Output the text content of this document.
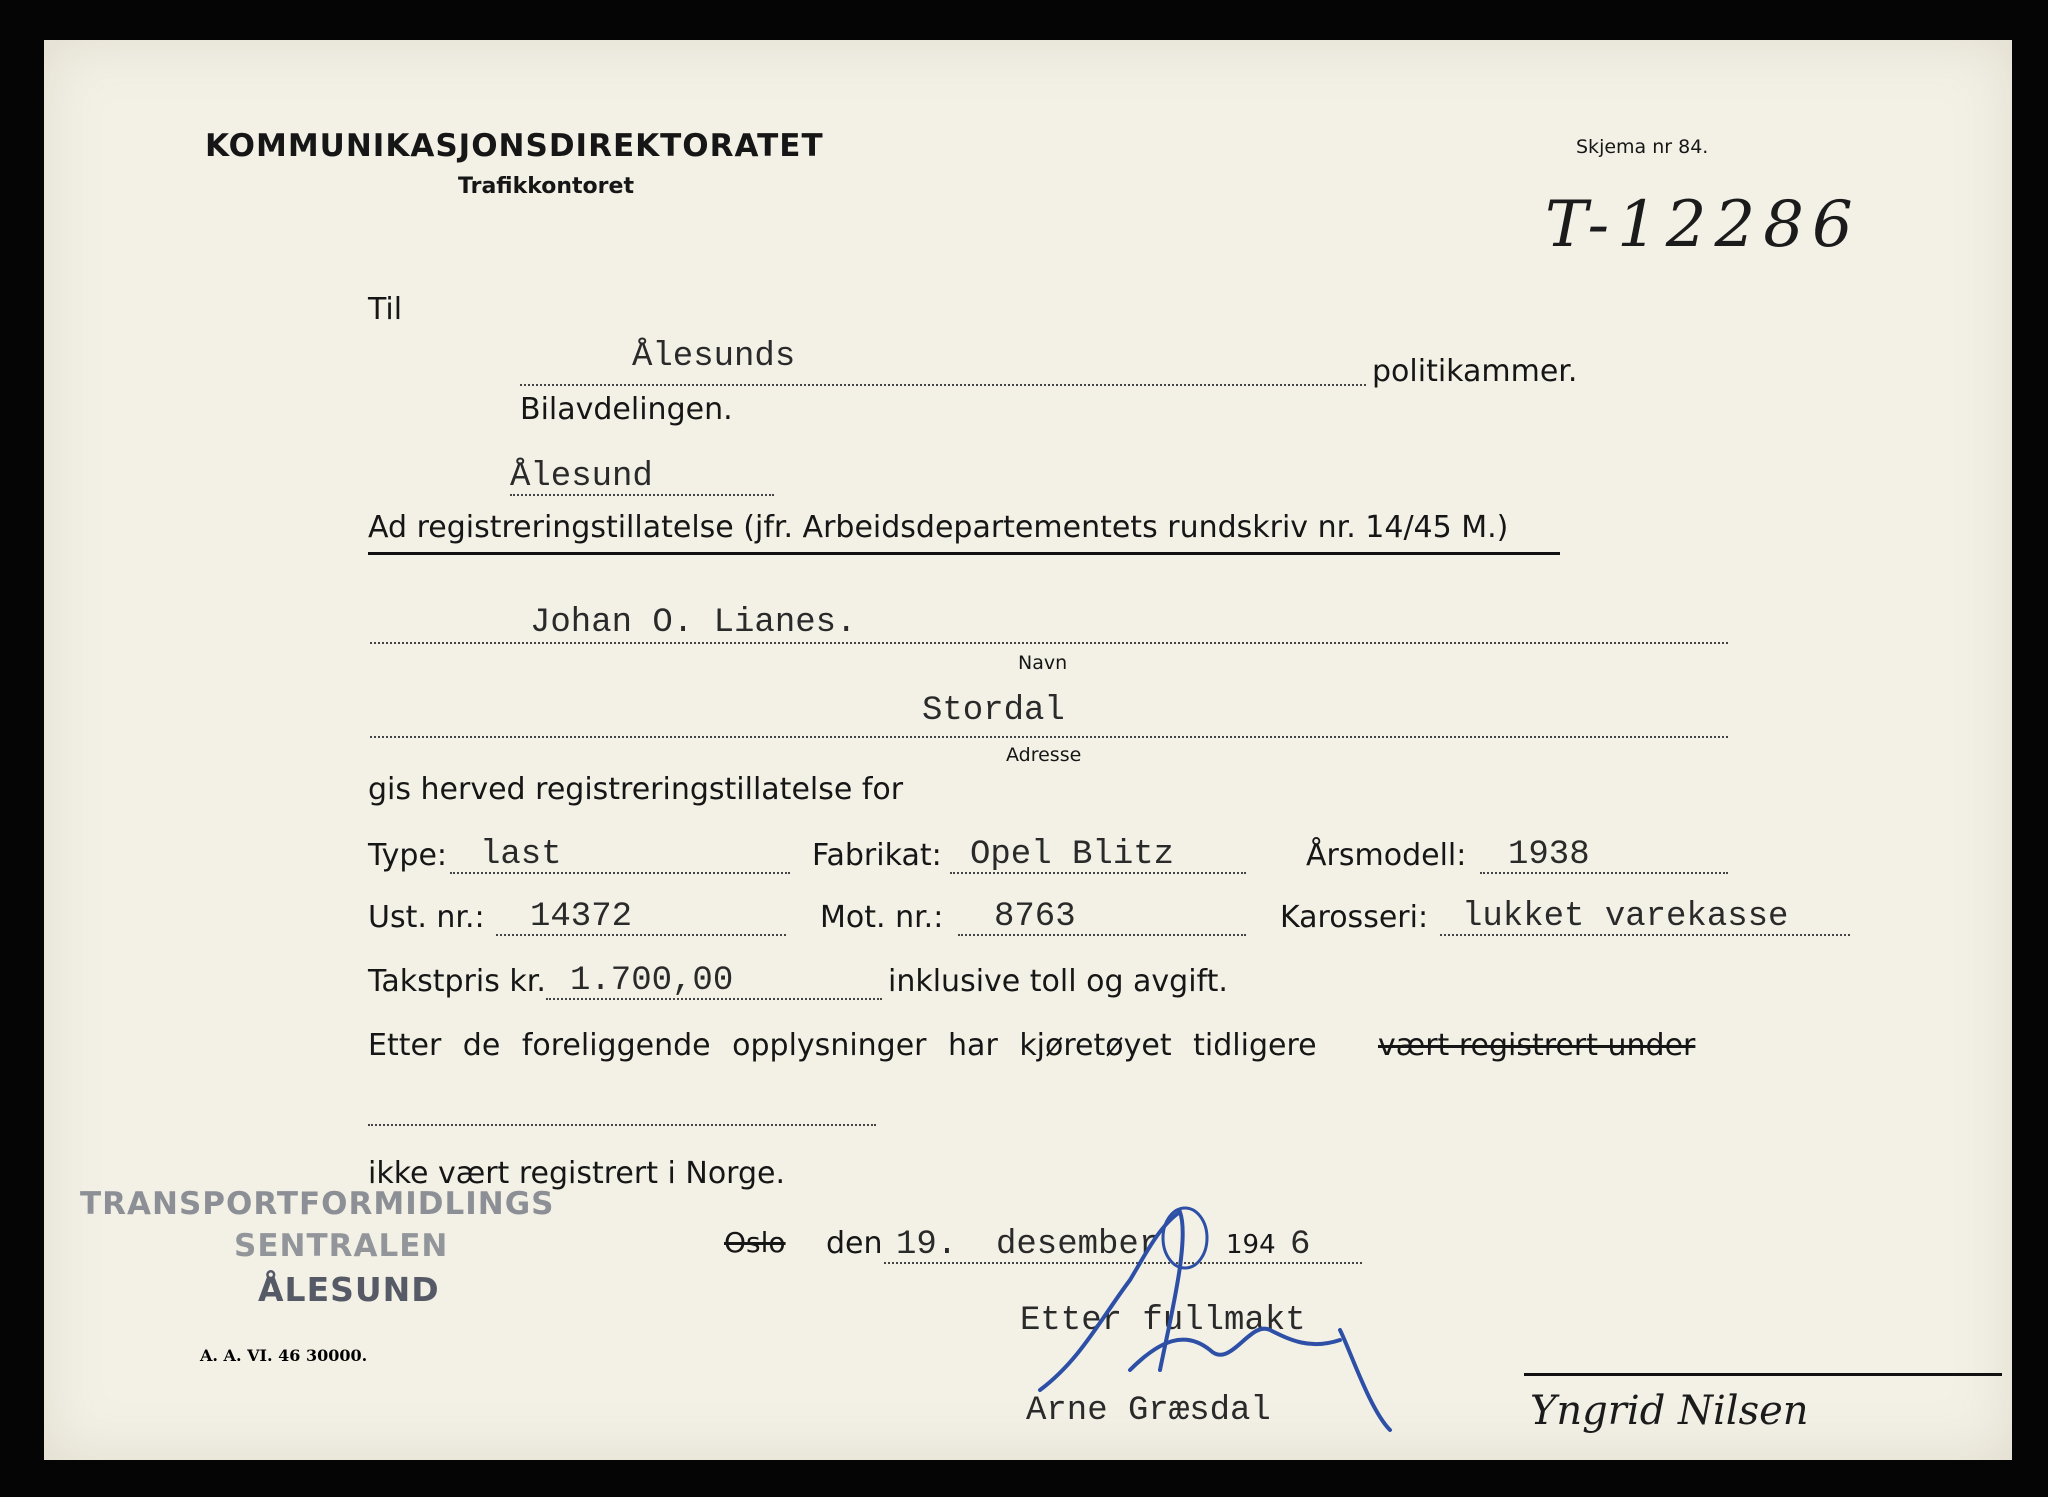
KOMMUNIKASJONSDIREKTORATET
Trafikkontoret
Skjema nr 84.
T-12286
Til
Ålesunds	politikammer.
Bilavdelingen.
Ålesund
Ad registreringstillatelse (jfr. Arbeidsdepartementets rundskriv nr. 14/45 M.)
Johan O. Lianes.
Navn
Stordal
Adresse
gis herved registreringstillatelse for
Type: last	Fabrikat: Opel Blitz	Årsmodell: 1938
Ust. nr.: 14372	Mot. nr.: 8763	Karosseri: lukket varekasse
Takstpris kr. 1.700,00	inklusive toll og avgift.
Etter de foreliggende opplysninger har kjøretøyet tidligere vært registrert under
ikke vært registrert i Norge.
TRANSPORTFORMIDLINGS
SENTRALEN
ÅLESUND
Oslo den 19. desember	194 6
Etter fullmakt
Arne Græsdal	Yngrid Nilsen
A. A. VI. 46 30000.
